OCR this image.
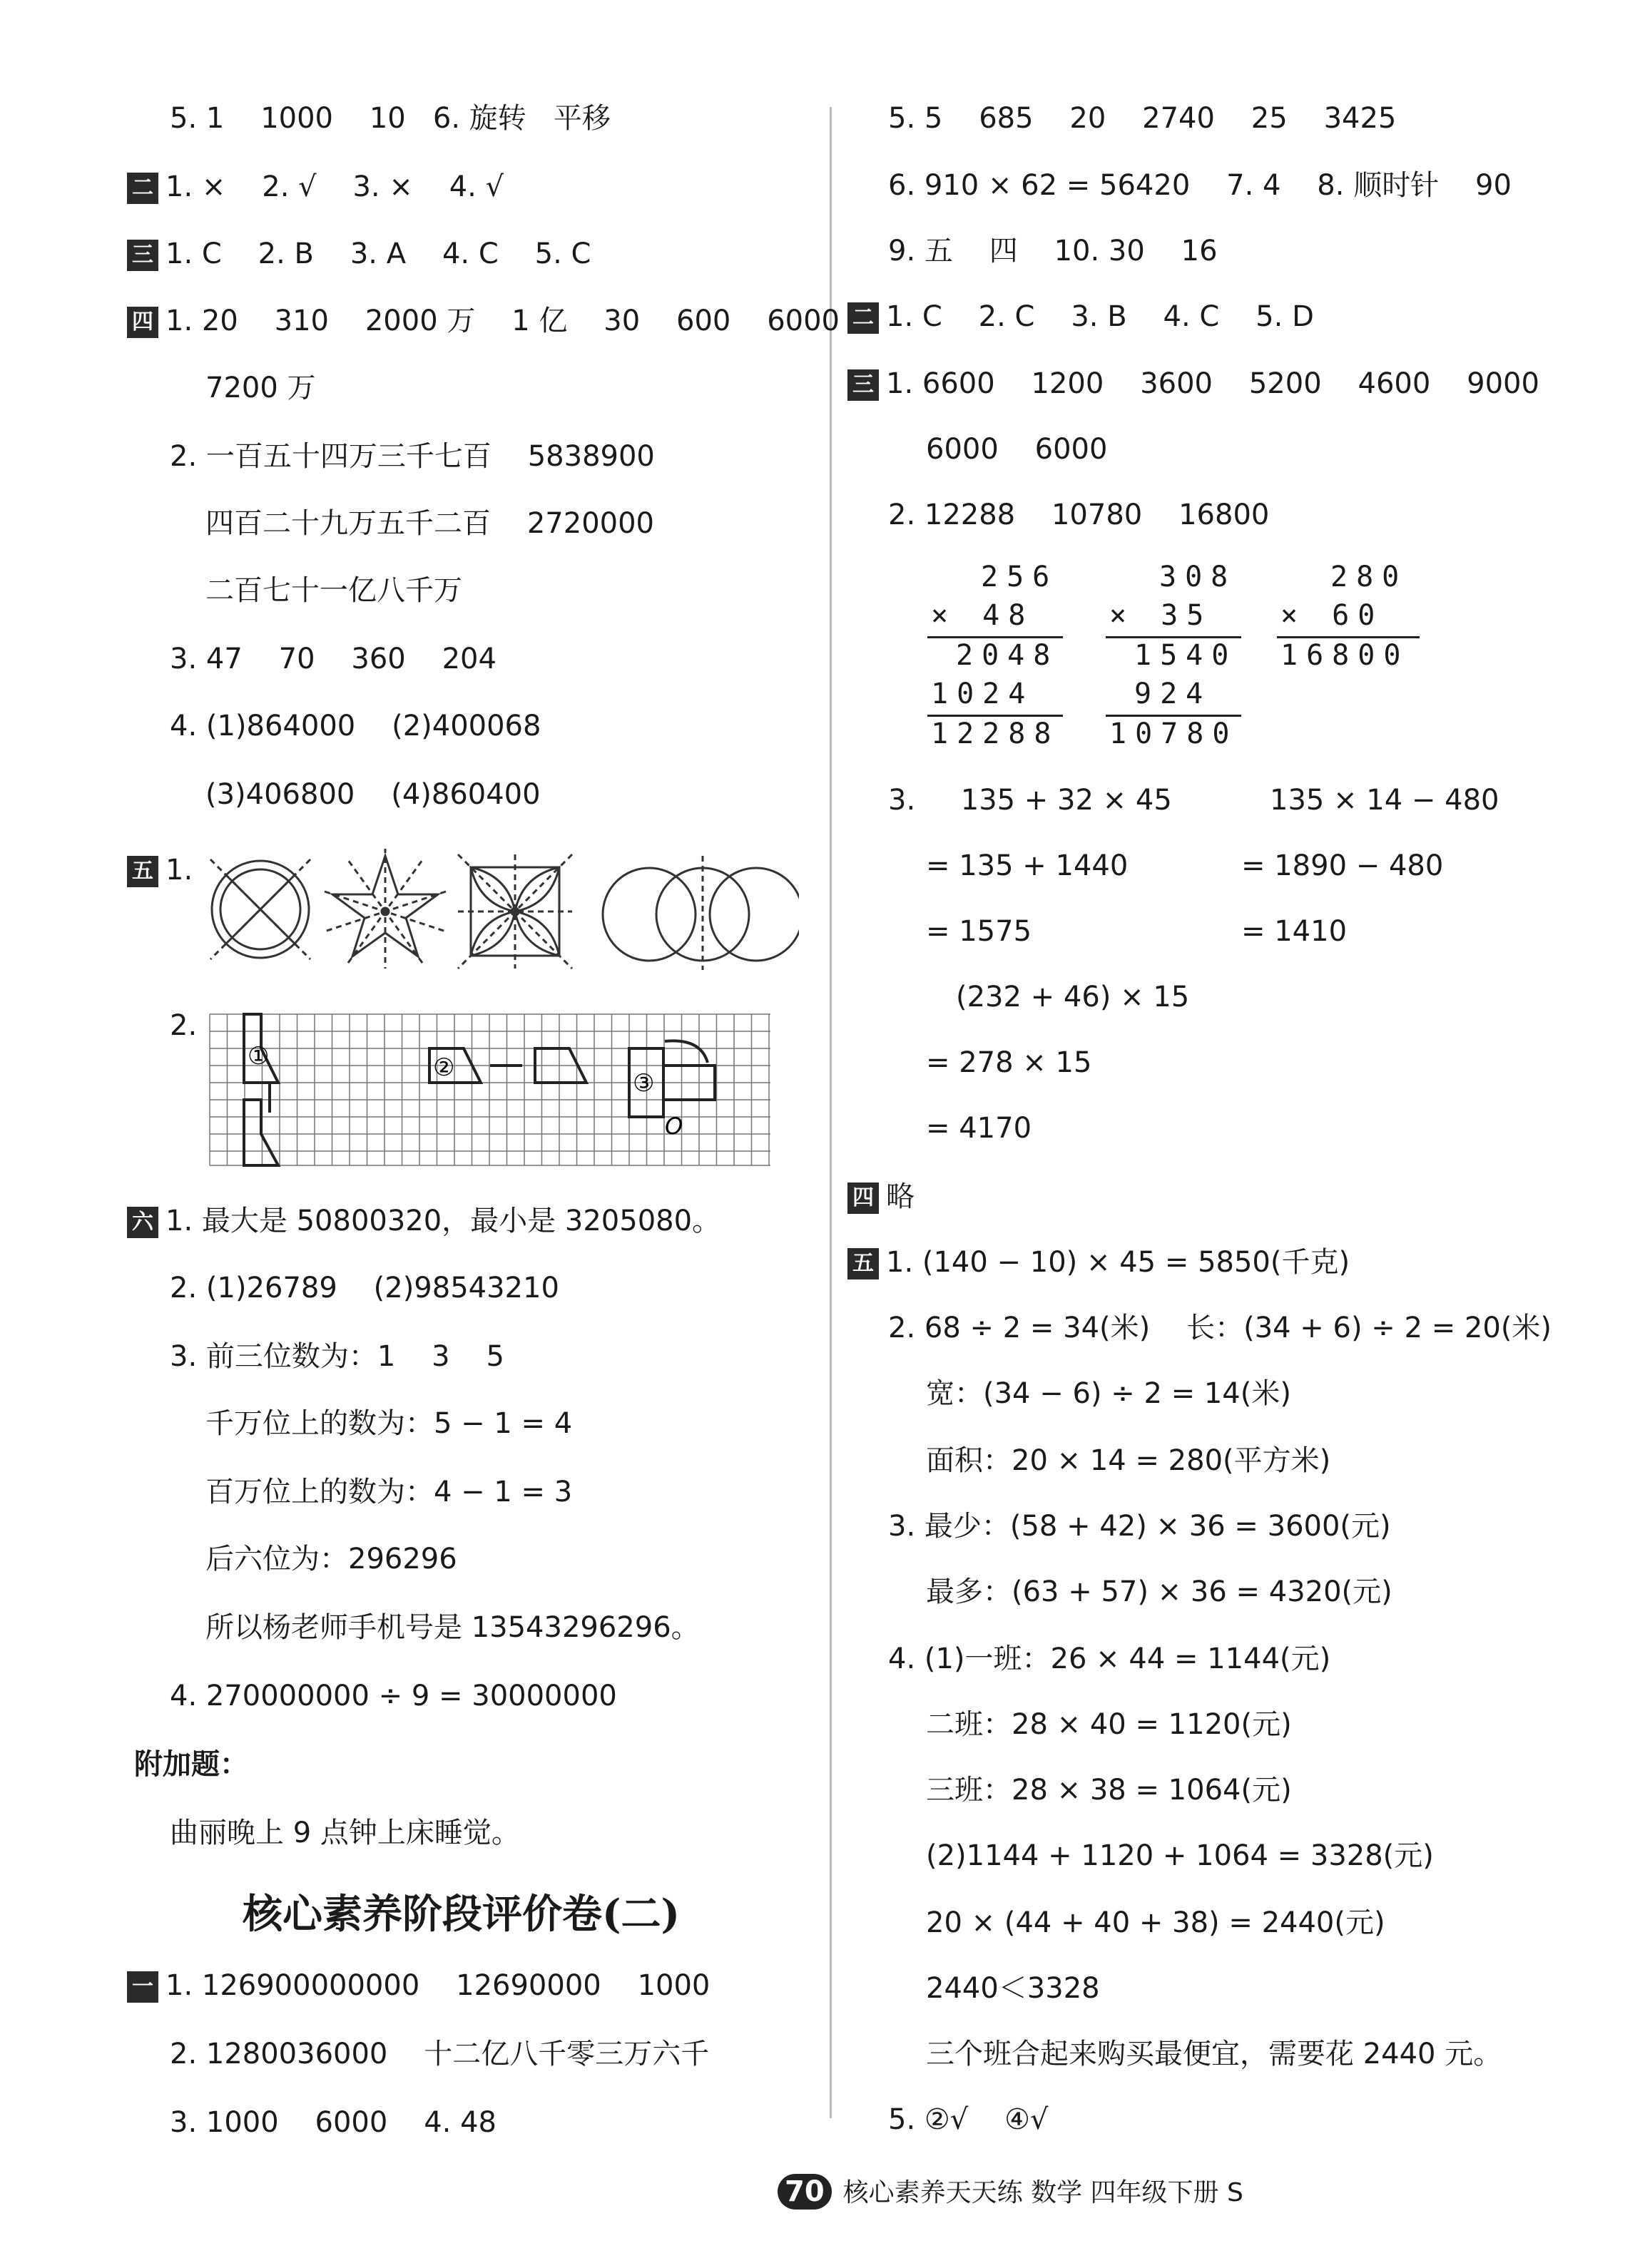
5. 1    1000    10   6. 旋转   平移
二 1. ×    2. √    3. ×    4. √
三 1. C    2. B    3. A    4. C    5. C
四 1. 20    310    2000 万    1 亿    30    600    6000
7200 万
2. 一百五十四万三千七百    5838900
四百二十九万五千二百    2720000
二百七十一亿八千万
3. 47    70    360    204
4. (1)864000    (2)400068
(3)406800    (4)860400
五 1.
2.
①	②
③
O
六 1. 最大是 50800320，最小是 3205080。
2. (1)26789    (2)98543210
3. 前三位数为：1    3    5
千万位上的数为：5 − 1 = 4
百万位上的数为：4 − 1 = 3
后六位为：296296
所以杨老师手机号是 13543296296。
4. 270000000 ÷ 9 = 30000000
附加题：
曲丽晚上 9 点钟上床睡觉。
核心素养阶段评价卷(二)
一 1. 126900000000    12690000    1000
2. 1280036000    十二亿八千零三万六千
3. 1000    6000    4. 48
5. 5    685    20    2740    25    3425
6. 910 × 62 = 56420    7. 4    8. 顺时针    90
9. 五    四    10. 30    16
二 1. C    2. C    3. B    4. C    5. D
三 1. 6600    1200    3600    5200    4600    9000
6000    6000
2. 12288    10780    16800
256
× 48
2048
1024
12288
308
× 35
1540
924
10780
280
× 60
16800
3.     135 + 32 × 45	135 × 14 − 480
= 135 + 1440	= 1890 − 480
= 1575	= 1410
(232 + 46) × 15
= 278 × 15
= 4170
四 略
五 1. (140 − 10) × 45 = 5850(千克)
2. 68 ÷ 2 = 34(米)    长：(34 + 6) ÷ 2 = 20(米)
宽：(34 − 6) ÷ 2 = 14(米)
面积：20 × 14 = 280(平方米)
3. 最少：(58 + 42) × 36 = 3600(元)
最多：(63 + 57) × 36 = 4320(元)
4. (1)一班：26 × 44 = 1144(元)
二班：28 × 40 = 1120(元)
三班：28 × 38 = 1064(元)
(2)1144 + 1120 + 1064 = 3328(元)
20 × (44 + 40 + 38) = 2440(元)
2440＜3328
三个班合起来购买最便宜，需要花 2440 元。
5. ②√    ④√
70 核心素养天天练 数学 四年级下册 S
